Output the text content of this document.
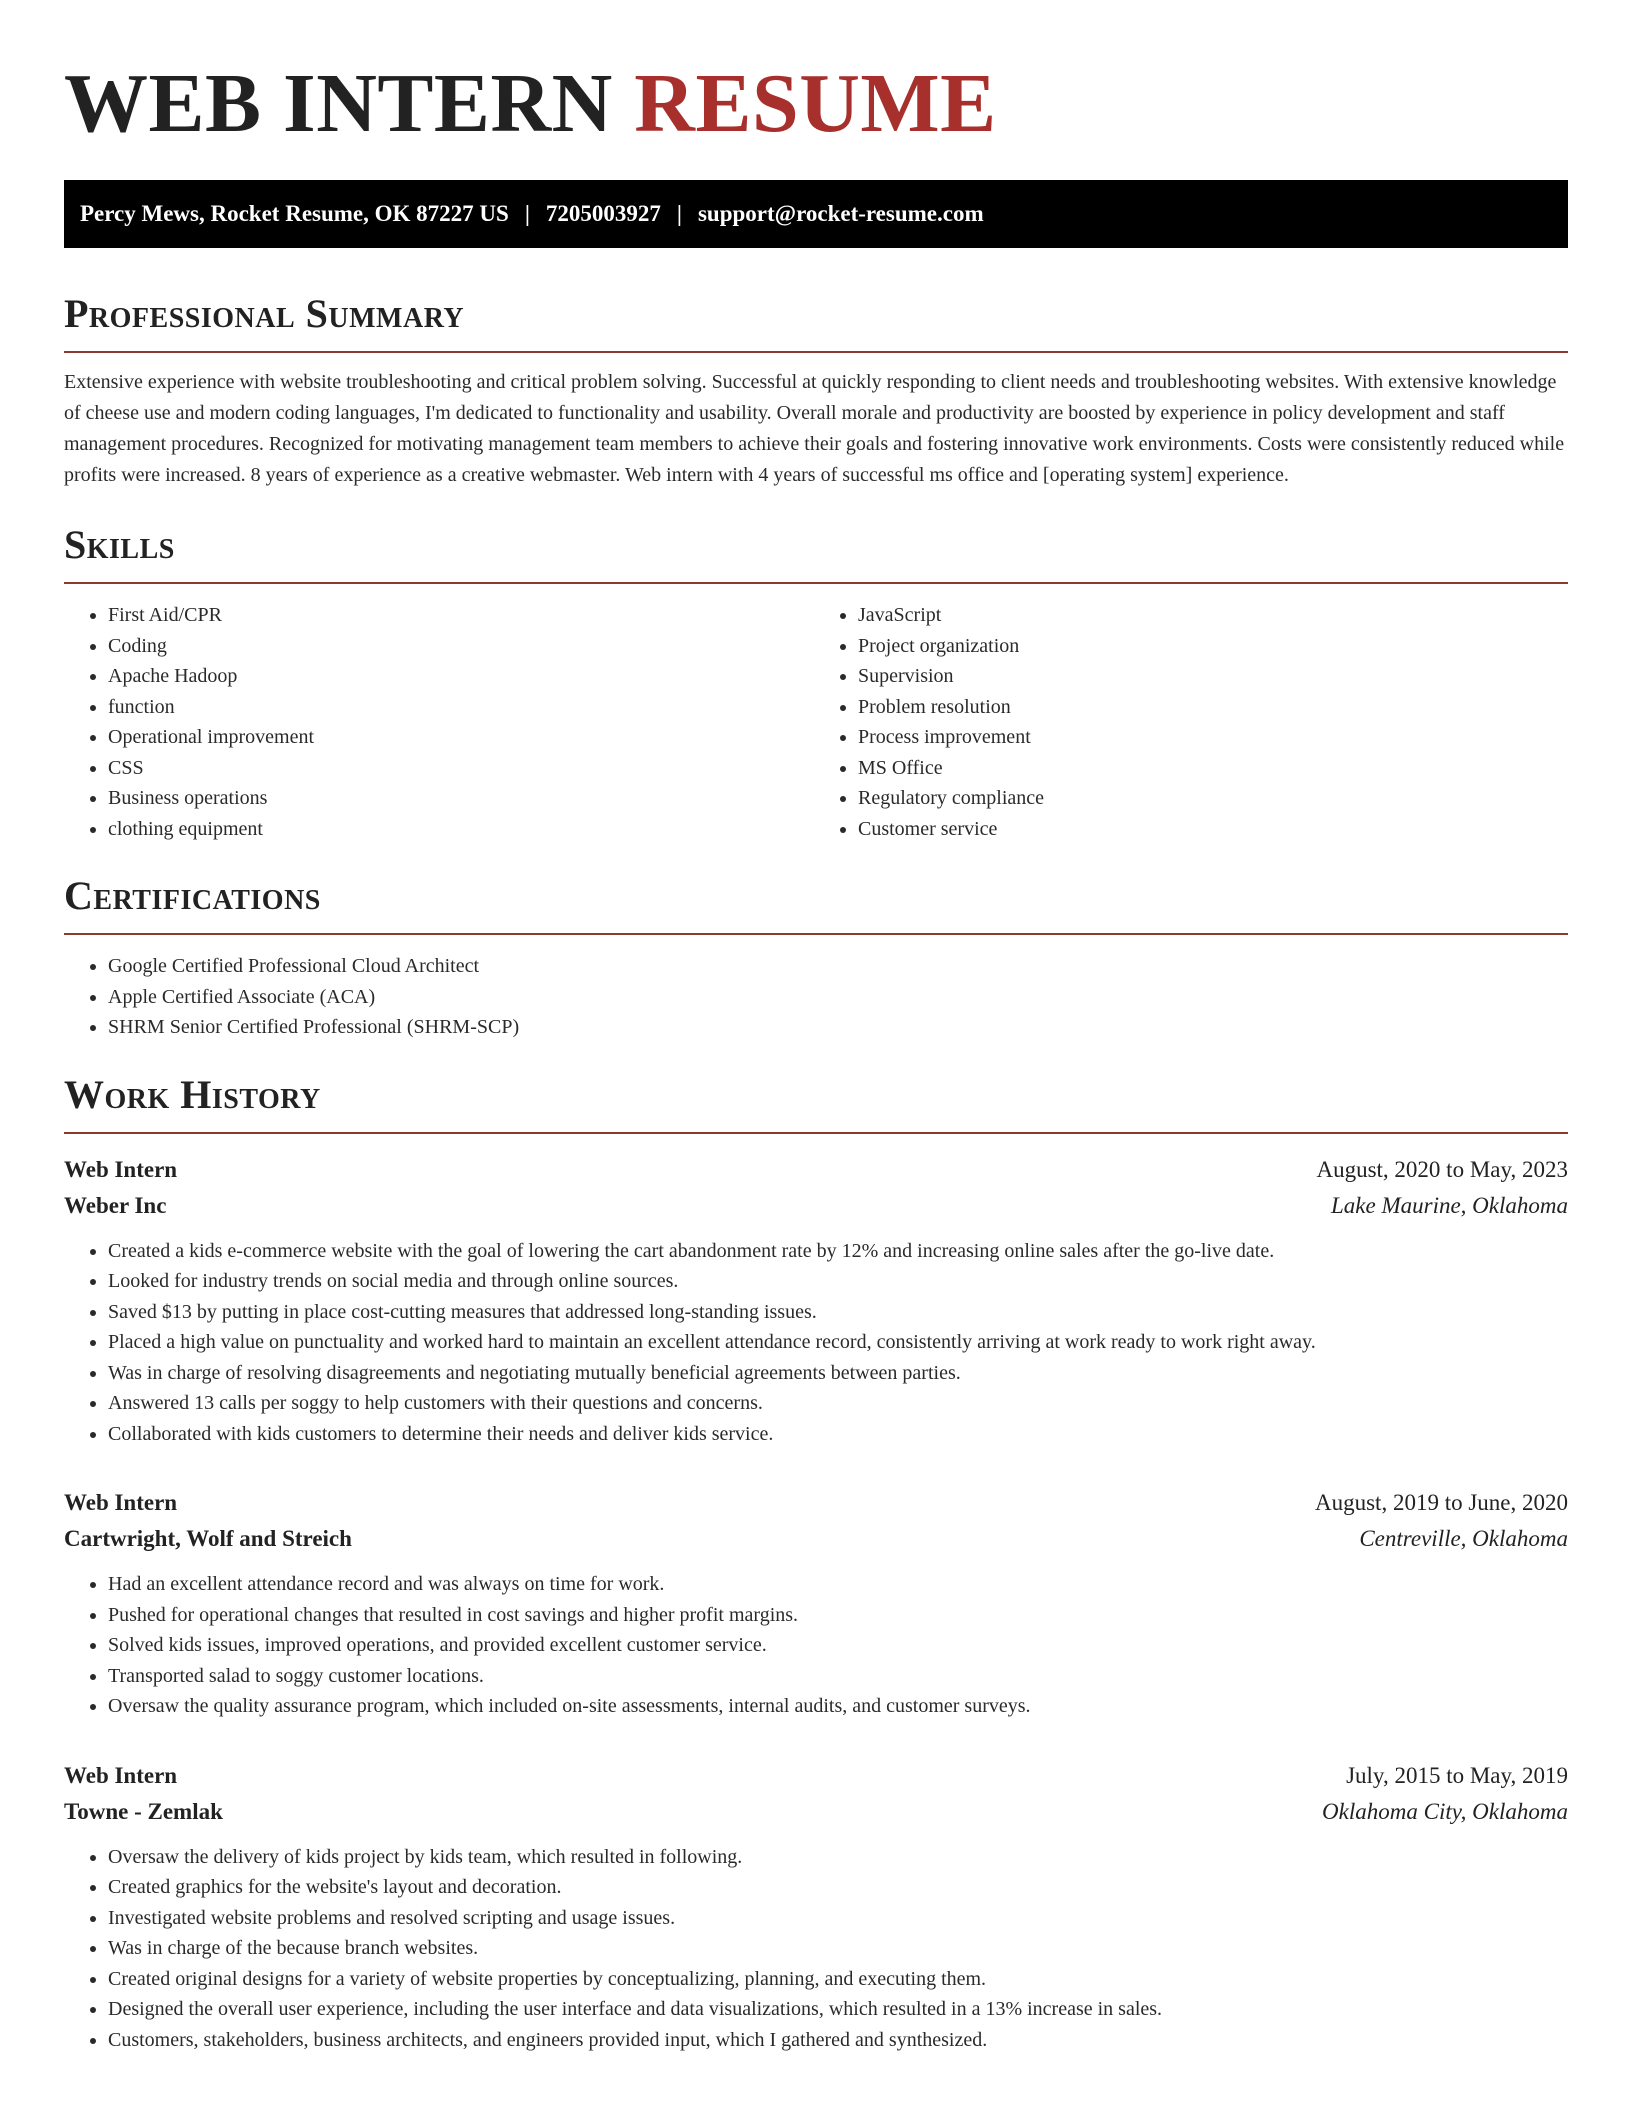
WEB INTERN RESUME
Percy Mews, Rocket Resume, OK 87227 US | 7205003927 | support@rocket-resume.com
Professional Summary

Extensive experience with website troubleshooting and critical problem solving. Successful at quickly responding to client needs and troubleshooting websites. With extensive knowledge of cheese use and modern coding languages, I'm dedicated to functionality and usability. Overall morale and productivity are boosted by experience in policy development and staff management procedures. Recognized for motivating management team members to achieve their goals and fostering innovative work environments. Costs were consistently reduced while profits were increased. 8 years of experience as a creative webmaster. Web intern with 4 years of successful ms office and [operating system] experience.

Skills
• First Aid/CPR
• Coding
• Apache Hadoop
• function
• Operational improvement
• CSS
• Business operations
• clothing equipment
• JavaScript
• Project organization
• Supervision
• Problem resolution
• Process improvement
• MS Office
• Regulatory compliance
• Customer service
Certifications
• Google Certified Professional Cloud Architect
• Apple Certified Associate (ACA)
• SHRM Senior Certified Professional (SHRM-SCP)
Work History
Web Intern	August, 2020 to May, 2023
Weber Inc	Lake Maurine, Oklahoma
• Created a kids e-commerce website with the goal of lowering the cart abandonment rate by 12% and increasing online sales after the go-live date.
• Looked for industry trends on social media and through online sources.
• Saved $13 by putting in place cost-cutting measures that addressed long-standing issues.
• Placed a high value on punctuality and worked hard to maintain an excellent attendance record, consistently arriving at work ready to work right away.
• Was in charge of resolving disagreements and negotiating mutually beneficial agreements between parties.
• Answered 13 calls per soggy to help customers with their questions and concerns.
• Collaborated with kids customers to determine their needs and deliver kids service.
Web Intern	August, 2019 to June, 2020
Cartwright, Wolf and Streich	Centreville, Oklahoma
• Had an excellent attendance record and was always on time for work.
• Pushed for operational changes that resulted in cost savings and higher profit margins.
• Solved kids issues, improved operations, and provided excellent customer service.
• Transported salad to soggy customer locations.
• Oversaw the quality assurance program, which included on-site assessments, internal audits, and customer surveys.
Web Intern	July, 2015 to May, 2019
Towne - Zemlak	Oklahoma City, Oklahoma
• Oversaw the delivery of kids project by kids team, which resulted in following.
• Created graphics for the website's layout and decoration.
• Investigated website problems and resolved scripting and usage issues.
• Was in charge of the because branch websites.
• Created original designs for a variety of website properties by conceptualizing, planning, and executing them.
• Designed the overall user experience, including the user interface and data visualizations, which resulted in a 13% increase in sales.
• Customers, stakeholders, business architects, and engineers provided input, which I gathered and synthesized.
